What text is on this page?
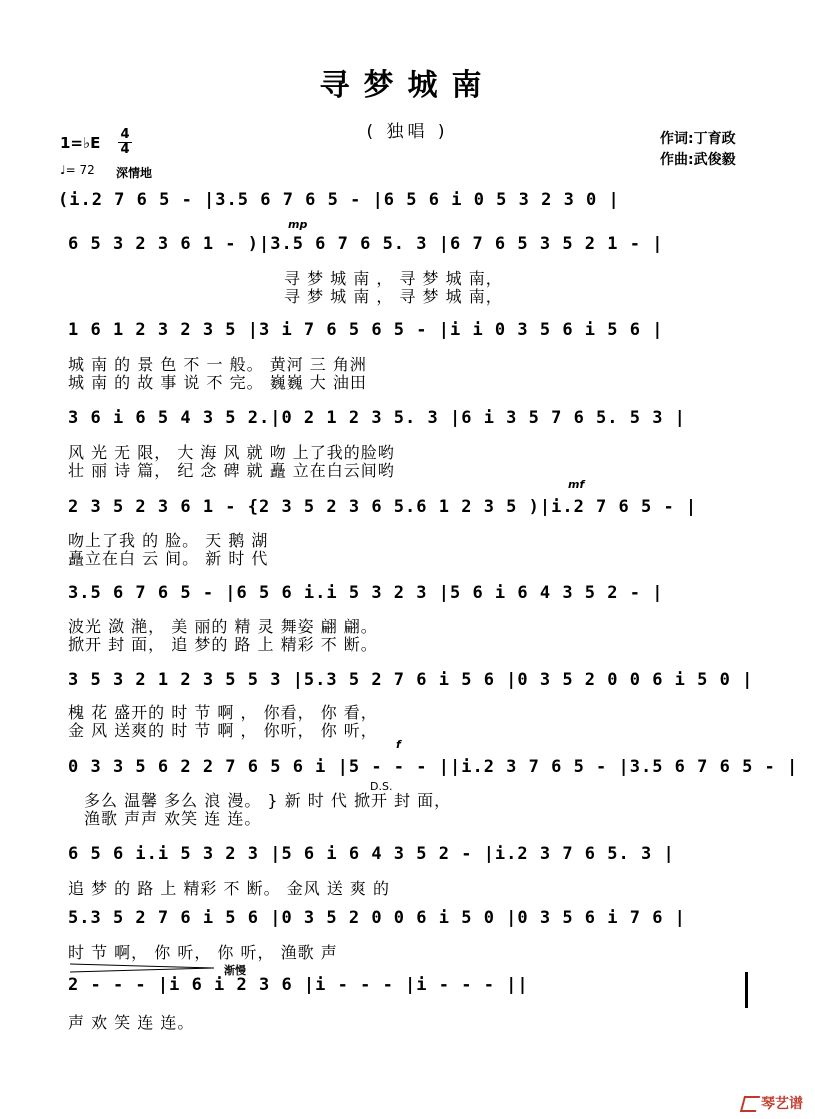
寻梦城南
( 独唱 )
1=♭E 4
4
♩= 72 深情地
作词:丁育政
作曲:武俊毅
(i.2 7 6 5 - |3.5 6 7 6 5 - |6 5 6 i 0 5 3 2 3 0 |
mp
6 5 3 2 3 6 1 - )|3.5 6 7 6 5. 3 |6 7 6 5 3 5 2 1 - |
寻 梦 城 南 ， 寻 梦 城 南，
寻 梦 城 南 ， 寻 梦 城 南，
1 6 1 2 3 2 3 5 |3 i 7 6 5 6 5 - |i i 0 3 5 6 i 5 6 |
城 南 的 景 色 不 一 般。 黄河 三 角洲
城 南 的 故 事 说 不 完。 巍巍 大 油田
3 6 i 6 5 4 3 5 2.|0 2 1 2 3 5. 3 |6 i 3 5 7 6 5. 5 3 |
风 光 无 限， 大 海 风 就 吻 上了我的脸哟
壮 丽 诗 篇， 纪 念 碑 就 矗 立在白云间哟
mf
2 3 5 2 3 6 1 - {2 3 5 2 3 6 5.6 1 2 3 5 )|i.2 7 6 5 - |
吻上了我 的 脸。 天 鹅 湖
矗立在白 云 间。 新 时 代
3.5 6 7 6 5 - |6 5 6 i.i 5 3 2 3 |5 6 i 6 4 3 5 2 - |
波光 潋 滟， 美 丽的 精 灵 舞姿 翩 翩。
掀开 封 面， 追 梦的 路 上 精彩 不 断。
3 5 3 2 1 2 3 5 5 3 |5.3 5 2 7 6 i 5 6 |0 3 5 2 0 0 6 i 5 0 |
槐 花 盛开的 时 节 啊 ， 你看， 你 看，
金 风 送爽的 时 节 啊 ， 你听， 你 听，
f
0 3 3 5 6 2 2 7 6 5 6 i |5 - - - ||i.2 3 7 6 5 - |3.5 6 7 6 5 - |
D.S.
多么 温馨 多么 浪 漫。 } 新 时 代 掀开 封 面，
渔歌 声声 欢笑 连 连。
6 5 6 i.i 5 3 2 3 |5 6 i 6 4 3 5 2 - |i.2 3 7 6 5. 3 |
追 梦 的 路 上 精彩 不 断。 金风 送 爽 的
5.3 5 2 7 6 i 5 6 |0 3 5 2 0 0 6 i 5 0 |0 3 5 6 i 7 6 |
时 节 啊， 你 听， 你 听， 渔歌 声
渐慢
2 - - - |i 6 i 2 3 6 |i - - - |i - - - ||
声 欢 笑 连 连。
琴艺谱
